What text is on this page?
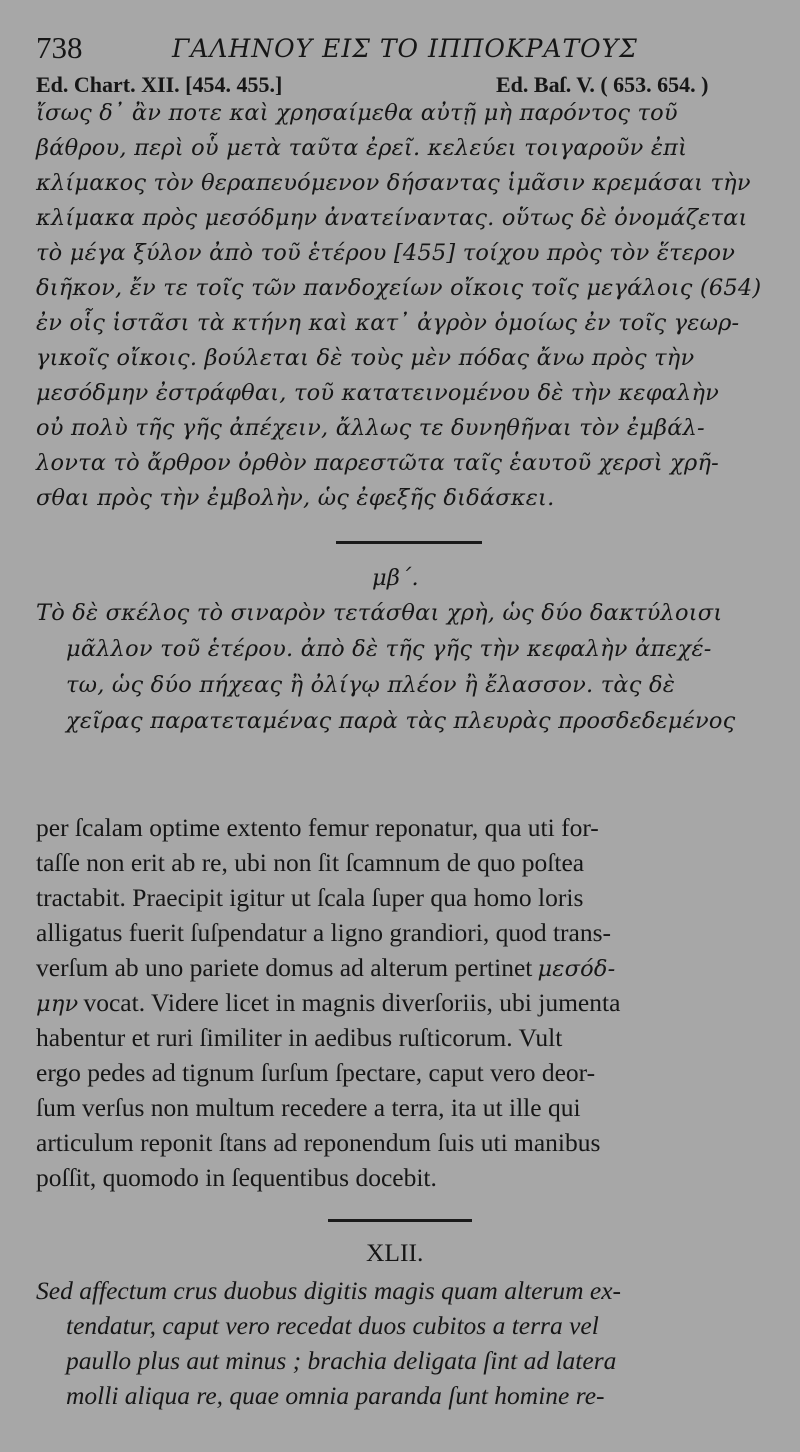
738	ΓΑΛΗΝΟΥ ΕΙΣ ΤΟ ΙΠΠΟΚΡΑΤΟΥΣ
Ed. Chart. XII. [454. 455.]	Ed. Baſ. V. ( 653. 654. )
ἴσως δ᾽ ἂν ποτε καὶ χρησαίμεθα αὐτῇ μὴ παρόντος τοῦ
βάθρου, περὶ οὗ μετὰ ταῦτα ἐρεῖ. κελεύει τοιγαροῦν ἐπὶ
κλίμακος τὸν θεραπευόμενον δήσαντας ἱμᾶσιν κρεμάσαι τὴν
κλίμακα πρὸς μεσόδμην ἀνατείναντας. οὕτως δὲ ὀνομάζεται
τὸ μέγα ξύλον ἀπὸ τοῦ ἑτέρου [455] τοίχου πρὸς τὸν ἕτερον
διῆκον, ἔν τε τοῖς τῶν πανδοχείων οἴκοις τοῖς μεγάλοις (654)
ἐν οἷς ἱστᾶσι τὰ κτήνη καὶ κατ᾽ ἀγρὸν ὁμοίως ἐν τοῖς γεωρ-
γικοῖς οἴκοις. βούλεται δὲ τοὺς μὲν πόδας ἄνω πρὸς τὴν
μεσόδμην ἐστράφθαι, τοῦ κατατεινομένου δὲ τὴν κεφαλὴν
οὐ πολὺ τῆς γῆς ἀπέχειν, ἄλλως τε δυνηθῆναι τὸν ἐμβάλ-
λοντα τὸ ἄρθρον ὀρθὸν παρεστῶτα ταῖς ἑαυτοῦ χερσὶ χρῆ-
σθαι πρὸς τὴν ἐμβολὴν, ὡς ἐφεξῆς διδάσκει.
μβ΄.
Τὸ δὲ σκέλος τὸ σιναρὸν τετάσθαι χρὴ, ὡς δύο δακτύλοισι
μᾶλλον τοῦ ἑτέρου. ἀπὸ δὲ τῆς γῆς τὴν κεφαλὴν ἀπεχέ-
τω, ὡς δύο πήχεας ἢ ὀλίγῳ πλέον ἢ ἔλασσον. τὰς δὲ
χεῖρας παρατεταμένας παρὰ τὰς πλευρὰς προσδεδεμένος
per ſcalam optime extento femur reponatur, qua uti for-
taſſe non erit ab re, ubi non ſit ſcamnum de quo poſtea
tractabit. Praecipit igitur ut ſcala ſuper qua homo loris
alligatus fuerit ſuſpendatur a ligno grandiori, quod trans-
verſum ab uno pariete domus ad alterum pertinet μεσόδ-
μην vocat. Videre licet in magnis diverſoriis, ubi jumenta
habentur et ruri ſimiliter in aedibus ruſticorum. Vult
ergo pedes ad tignum ſurſum ſpectare, caput vero deor-
ſum verſus non multum recedere a terra, ita ut ille qui
articulum reponit ſtans ad reponendum ſuis uti manibus
poſſit, quomodo in ſequentibus docebit.
XLII.
Sed affectum crus duobus digitis magis quam alterum ex-
tendatur, caput vero recedat duos cubitos a terra vel
paullo plus aut minus ; brachia deligata ſint ad latera
molli aliqua re, quae omnia paranda ſunt homine re-
